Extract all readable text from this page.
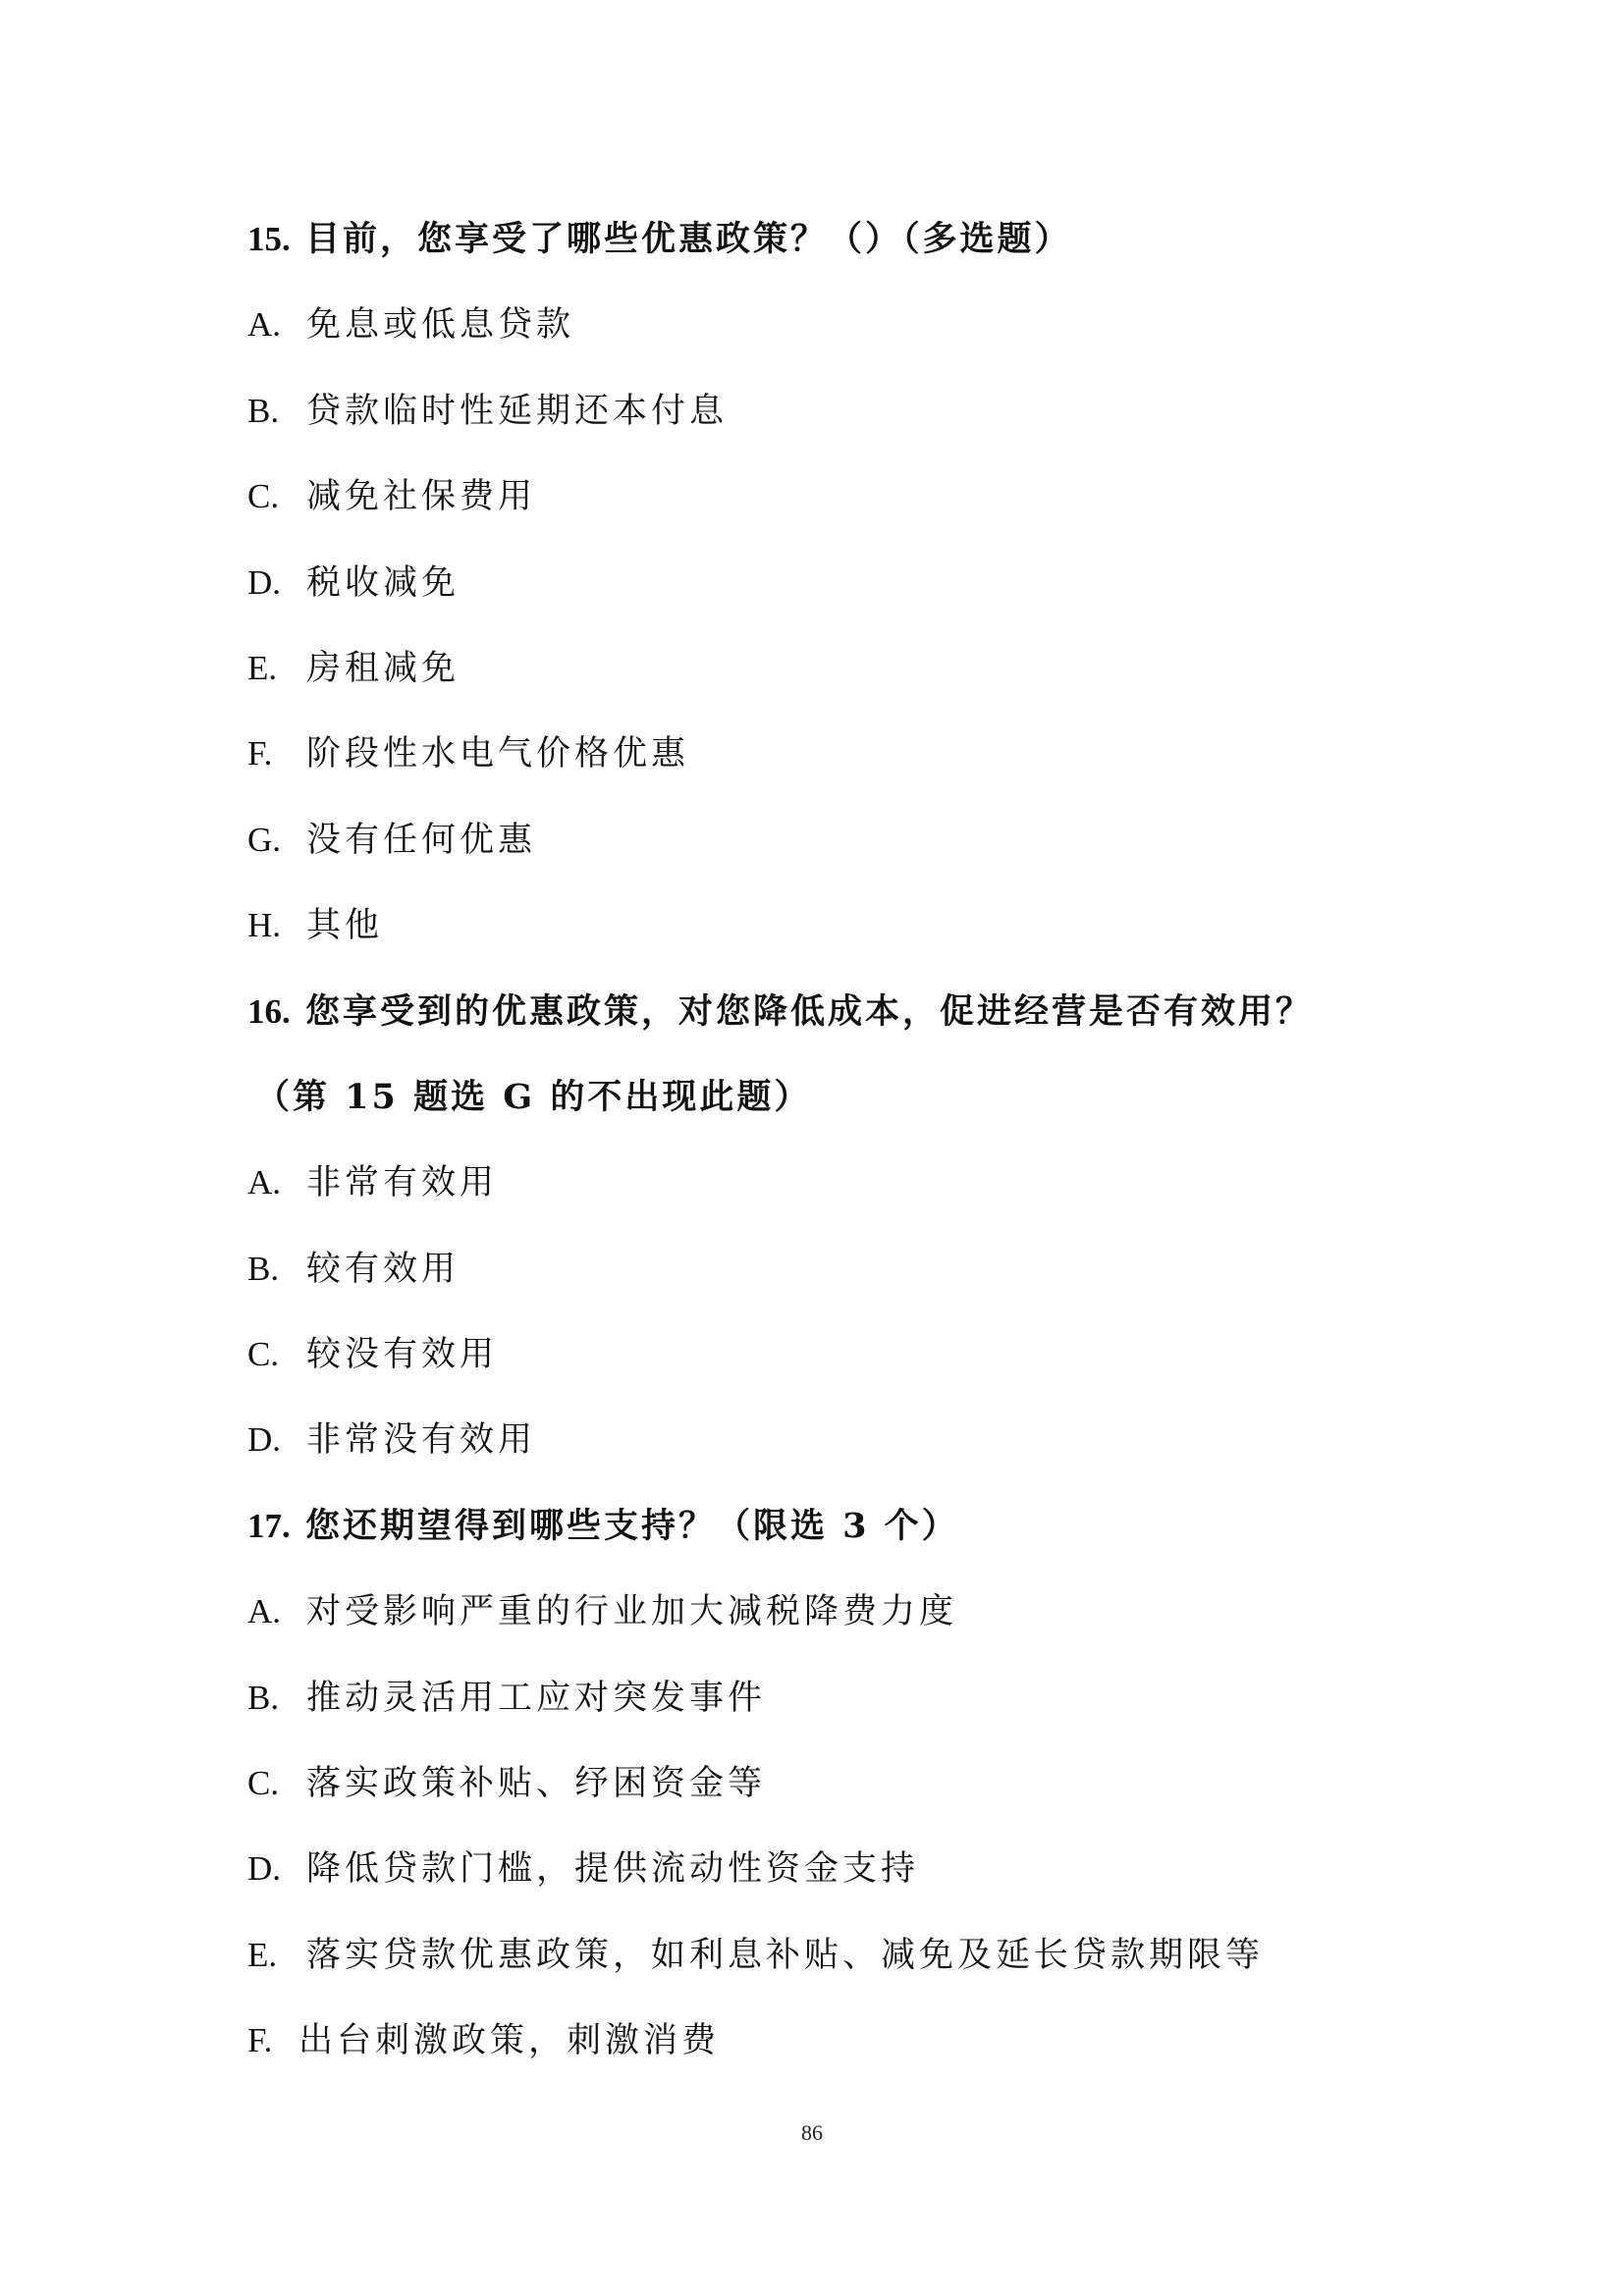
15. 目前，您享受了哪些优惠政策？（）（多选题）
A. 免息或低息贷款
B. 贷款临时性延期还本付息
C. 减免社保费用
D. 税收减免
E. 房租减免
F. 阶段性水电气价格优惠
G. 没有任何优惠
H. 其他
16. 您享受到的优惠政策，对您降低成本，促进经营是否有效用？
（第 15 题选 G 的不出现此题）
A. 非常有效用
B. 较有效用
C. 较没有效用
D. 非常没有效用
17. 您还期望得到哪些支持？（限选 3 个）
A. 对受影响严重的行业加大减税降费力度
B. 推动灵活用工应对突发事件
C. 落实政策补贴、纾困资金等
D. 降低贷款门槛，提供流动性资金支持
E. 落实贷款优惠政策，如利息补贴、减免及延长贷款期限等
F. 出台刺激政策，刺激消费
86
